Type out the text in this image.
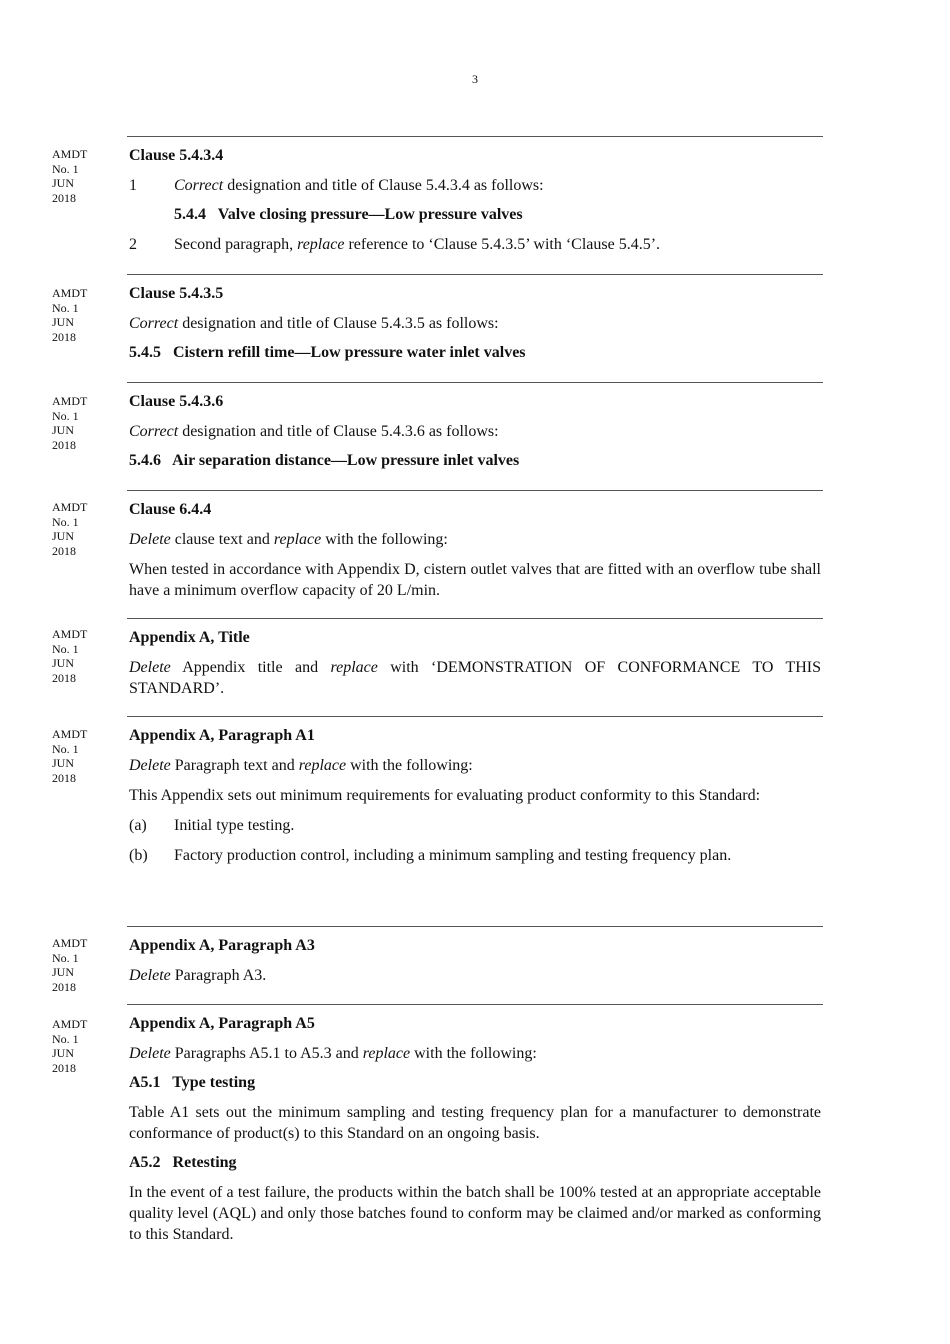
3
AMDT
No. 1
JUN
2018
Clause 5.4.3.4
1	Correct designation and title of Clause 5.4.3.4 as follows:
5.4.4   Valve closing pressure—Low pressure valves
2	Second paragraph, replace reference to ‘Clause 5.4.3.5’ with ‘Clause 5.4.5’.
AMDT
No. 1
JUN
2018
Clause 5.4.3.5
Correct designation and title of Clause 5.4.3.5 as follows:
5.4.5   Cistern refill time—Low pressure water inlet valves
AMDT
No. 1
JUN
2018
Clause 5.4.3.6
Correct designation and title of Clause 5.4.3.6 as follows:
5.4.6   Air separation distance—Low pressure inlet valves
AMDT
No. 1
JUN
2018
Clause 6.4.4
Delete clause text and replace with the following:
When tested in accordance with Appendix D, cistern outlet valves that are fitted with an overflow tube shall have a minimum overflow capacity of 20 L/min.
AMDT
No. 1
JUN
2018
Appendix A, Title
Delete Appendix title and replace with ‘DEMONSTRATION OF CONFORMANCE TO THIS STANDARD’.
AMDT
No. 1
JUN
2018
Appendix A, Paragraph A1
Delete Paragraph text and replace with the following:
This Appendix sets out minimum requirements for evaluating product conformity to this Standard:
(a)	Initial type testing.
(b)	Factory production control, including a minimum sampling and testing frequency plan.
AMDT
No. 1
JUN
2018
Appendix A, Paragraph A3
Delete Paragraph A3.
AMDT
No. 1
JUN
2018
Appendix A, Paragraph A5
Delete Paragraphs A5.1 to A5.3 and replace with the following:
A5.1   Type testing
Table A1 sets out the minimum sampling and testing frequency plan for a manufacturer to demonstrate conformance of product(s) to this Standard on an ongoing basis.
A5.2   Retesting
In the event of a test failure, the products within the batch shall be 100% tested at an appropriate acceptable quality level (AQL) and only those batches found to conform may be claimed and/or marked as conforming to this Standard.
